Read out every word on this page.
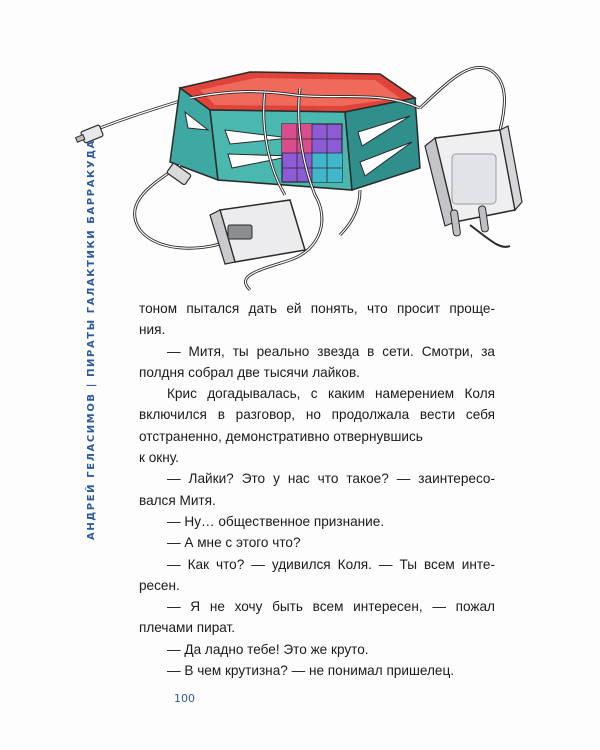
АНДРЕЙ ГЕЛАСИМОВ | ПИРАТЫ ГАЛАКТИКИ БАРРАКУДА	тоном пытался дать ей понять, что просит проще-

ния.

— Митя, ты реально звезда в сети. Смотри, за

полдня собрал две тысячи лайков.

Крис догадывалась, с каким намерением Коля

включился в разговор, но продолжала вести себя

отстраненно, демонстративно отвернувшись

к окну.

— Лайки? Это у нас что такое? — заинтересо-

вался Митя.

— Ну… общественное признание.

— А мне с этого что?

— Как что? — удивился Коля. — Ты всем инте-

ресен.

— Я не хочу быть всем интересен, — пожал

плечами пират.

— Да ладно тебе! Это же круто.

— В чем крутизна? — не понимал пришелец.

100
